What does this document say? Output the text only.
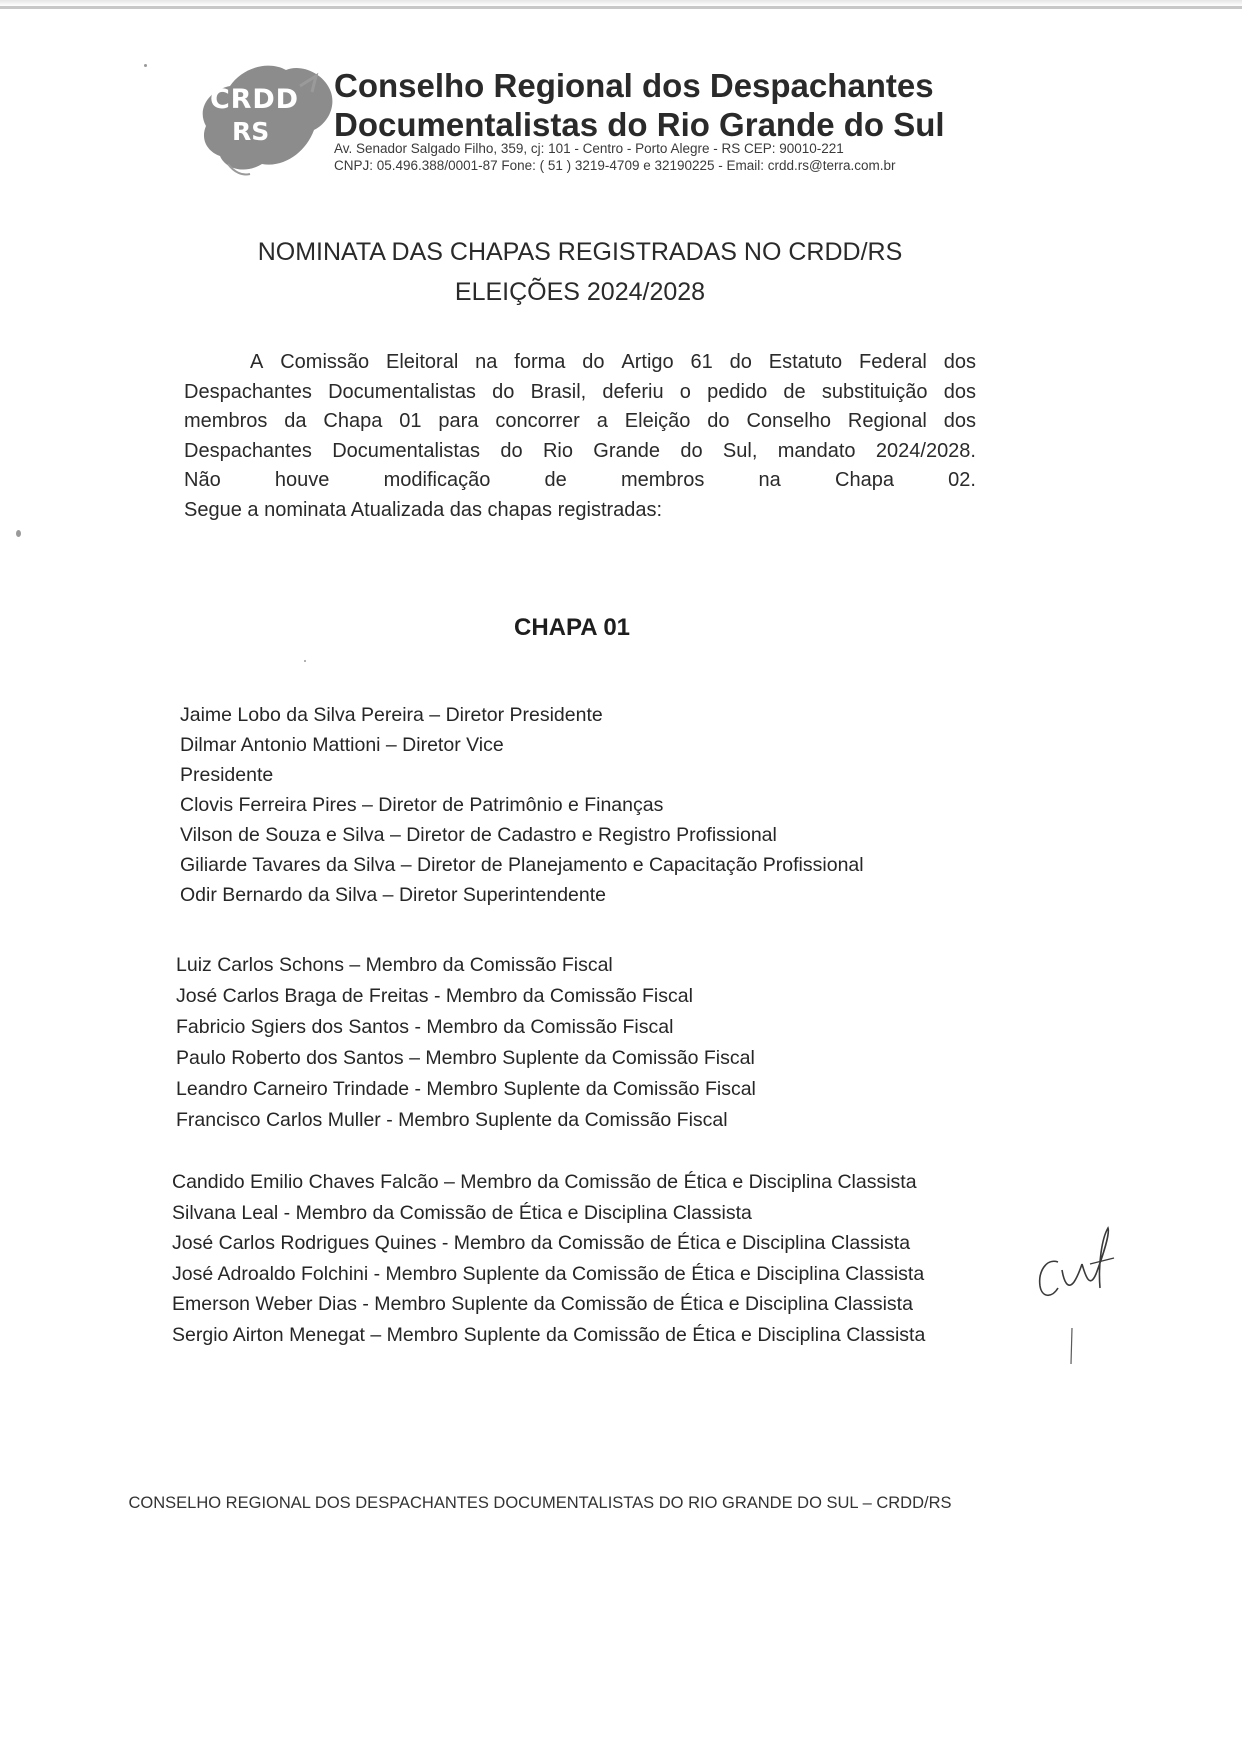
CRDD
RS
Conselho Regional dos Despachantes
Documentalistas do Rio Grande do Sul
Av. Senador Salgado Filho, 359, cj: 101 - Centro - Porto Alegre - RS CEP: 90010-221
CNPJ: 05.496.388/0001-87 Fone: ( 51 ) 3219-4709 e 32190225 - Email: crdd.rs@terra.com.br
NOMINATA DAS CHAPAS REGISTRADAS NO CRDD/RS
ELEIÇÕES 2024/2028
A Comissão Eleitoral na forma do Artigo 61 do Estatuto Federal dos
Despachantes Documentalistas do Brasil, deferiu o pedido de substituição dos
membros da Chapa 01 para concorrer a Eleição do Conselho Regional dos
Despachantes Documentalistas do Rio Grande do Sul, mandato 2024/2028.
Não	houve	modificação	de	membros	na	Chapa	02.
Segue a nominata Atualizada das chapas registradas:
CHAPA 01
Jaime Lobo da Silva Pereira – Diretor Presidente
Dilmar Antonio Mattioni – Diretor Vice
Presidente
Clovis Ferreira Pires – Diretor de Patrimônio e Finanças
Vilson de Souza e Silva – Diretor de Cadastro e Registro Profissional
Giliarde Tavares da Silva – Diretor de Planejamento e Capacitação Profissional
Odir Bernardo da Silva – Diretor Superintendente
Luiz Carlos Schons – Membro da Comissão Fiscal
José Carlos Braga de Freitas - Membro da Comissão Fiscal
Fabricio Sgiers dos Santos - Membro da Comissão Fiscal
Paulo Roberto dos Santos – Membro Suplente da Comissão Fiscal
Leandro Carneiro Trindade - Membro Suplente da Comissão Fiscal
Francisco Carlos Muller - Membro Suplente da Comissão Fiscal
Candido Emilio Chaves Falcão – Membro da Comissão de Ética e Disciplina Classista
Silvana Leal - Membro da Comissão de Ética e Disciplina Classista
José Carlos Rodrigues Quines - Membro da Comissão de Ética e Disciplina Classista
José Adroaldo Folchini - Membro Suplente da Comissão de Ética e Disciplina Classista
Emerson Weber Dias - Membro Suplente da Comissão de Ética e Disciplina Classista
Sergio Airton Menegat – Membro Suplente da Comissão de Ética e Disciplina Classista
CONSELHO REGIONAL DOS DESPACHANTES DOCUMENTALISTAS DO RIO GRANDE DO SUL – CRDD/RS
